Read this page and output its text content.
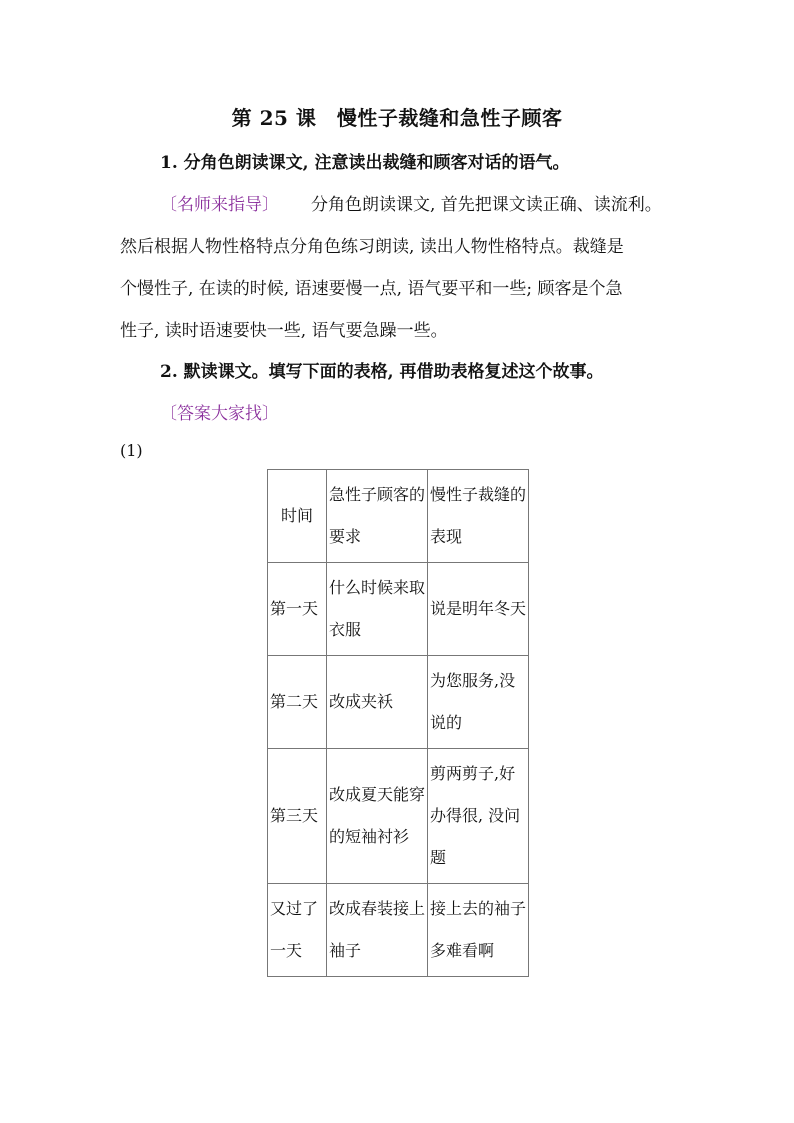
第 25 课　慢性子裁缝和急性子顾客
1. 分角色朗读课文, 注意读出裁缝和顾客对话的语气。
〔名师来指导〕 分角色朗读课文, 首先把课文读正确、读流利。
然后根据人物性格特点分角色练习朗读, 读出人物性格特点。裁缝是
个慢性子, 在读的时候, 语速要慢一点, 语气要平和一些; 顾客是个急
性子, 读时语速要快一些, 语气要急躁一些。
2. 默读课文。填写下面的表格, 再借助表格复述这个故事。
〔答案大家找〕
(1)
时间	急性子顾客的要求	慢性子裁缝的表现
第一天	什么时候来取衣服	说是明年冬天
第二天	改成夹袄	为您服务,没说的
第三天	改成夏天能穿的短袖衬衫	剪两剪子,好办得很, 没问题
又过了一天	改成春装接上袖子	接上去的袖子多难看啊
